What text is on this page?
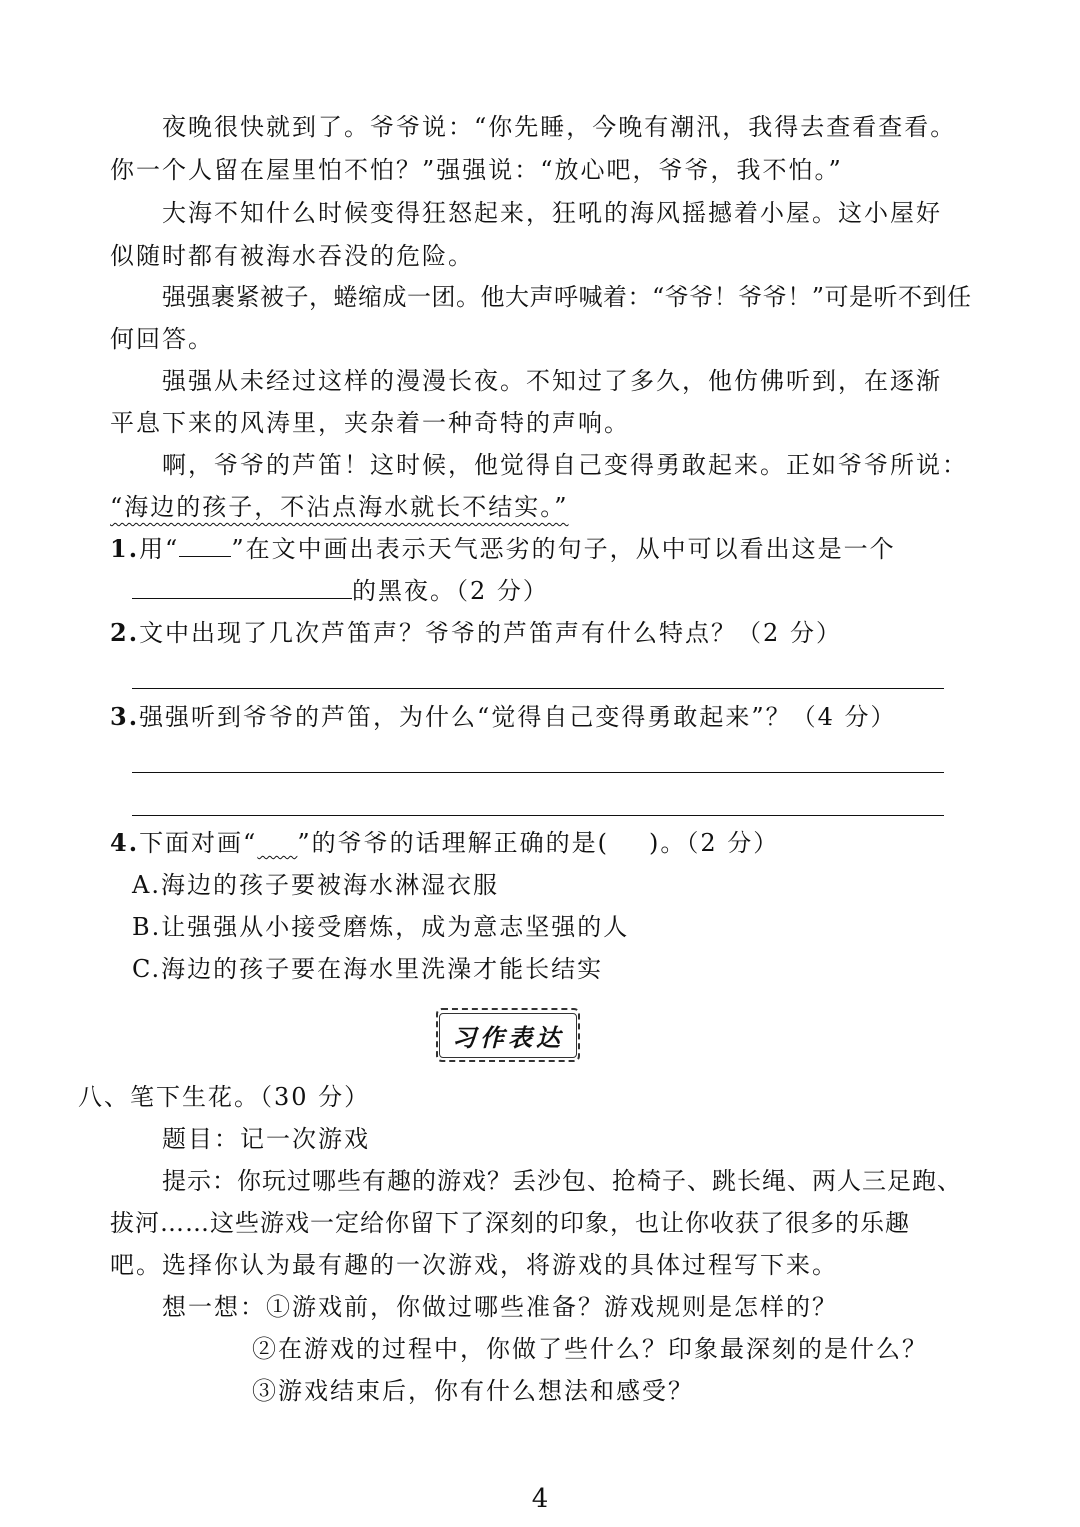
夜晚很快就到了。爷爷说：“你先睡，今晚有潮汛，我得去查看查看。
你一个人留在屋里怕不怕？”强强说：“放心吧，爷爷，我不怕。”
大海不知什么时候变得狂怒起来，狂吼的海风摇撼着小屋。这小屋好
似随时都有被海水吞没的危险。
强强裹紧被子，蜷缩成一团。他大声呼喊着：“爷爷！爷爷！”可是听不到任
何回答。
强强从未经过这样的漫漫长夜。不知过了多久，他仿佛听到，在逐渐
平息下来的风涛里，夹杂着一种奇特的声响。
啊，爷爷的芦笛！这时候，他觉得自己变得勇敢起来。正如爷爷所说：
“海边的孩子，不沾点海水就长不结实。”
1.用“ ”在文中画出表示天气恶劣的句子，从中可以看出这是一个
的黑夜。（2 分）
2.文中出现了几次芦笛声？爷爷的芦笛声有什么特点？（2 分）
3.强强听到爷爷的芦笛，为什么“觉得自己变得勇敢起来”？（4 分）
4.下面对画“   ”的爷爷的话理解正确的是( )。（2 分）
A.海边的孩子要被海水淋湿衣服
B.让强强从小接受磨炼，成为意志坚强的人
C.海边的孩子要在海水里洗澡才能长结实
习作表达
八、笔下生花。（30 分）
题目：记一次游戏
提示：你玩过哪些有趣的游戏？丢沙包、抢椅子、跳长绳、两人三足跑、
拔河……这些游戏一定给你留下了深刻的印象，也让你收获了很多的乐趣
吧。选择你认为最有趣的一次游戏，将游戏的具体过程写下来。
想一想：①游戏前，你做过哪些准备？游戏规则是怎样的？
②在游戏的过程中，你做了些什么？印象最深刻的是什么？
③游戏结束后，你有什么想法和感受？
4
